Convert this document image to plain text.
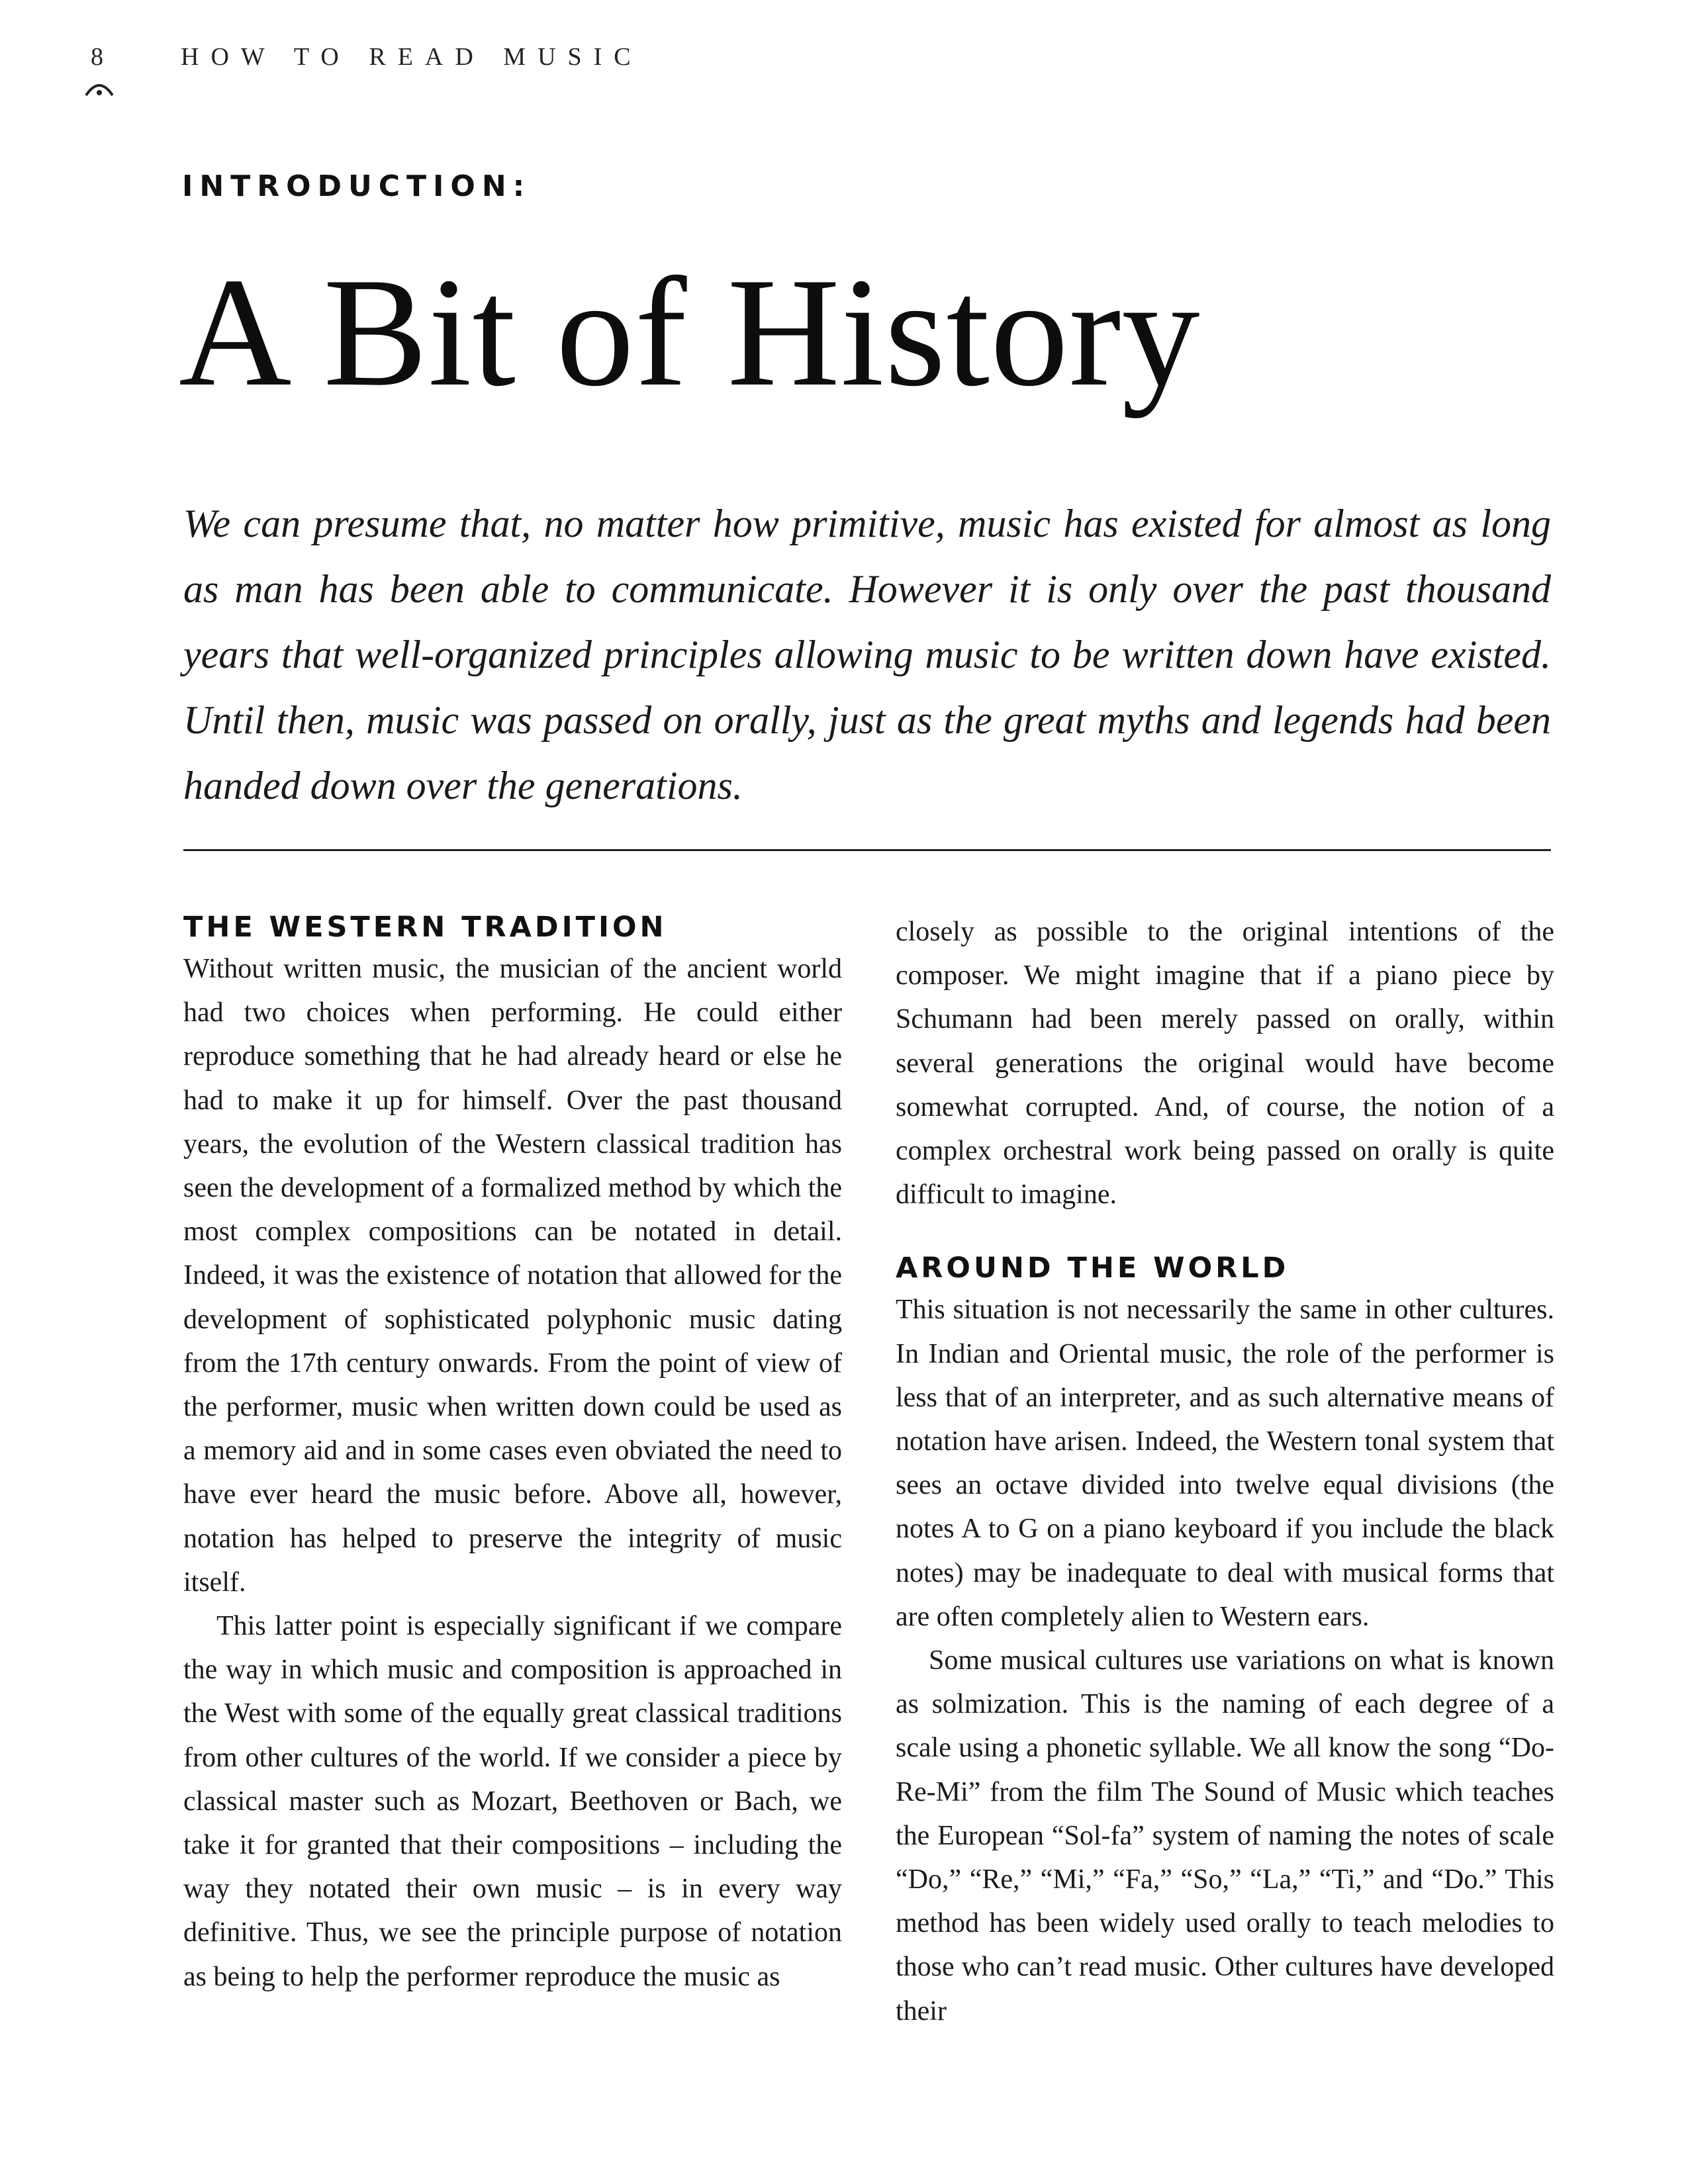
8	HOW TO READ MUSIC
INTRODUCTION:
A Bit of History

We can presume that, no matter how primitive, music has existed for almost as long as man has been able to communicate. However it is only over the past thousand years that well-organized principles allowing music to be written down have existed. Until then, music was passed on orally, just as the great myths and legends had been handed down over the generations.

THE WESTERN TRADITION

Without written music, the musician of the ancient world had two choices when performing. He could either reproduce something that he had already heard or else he had to make it up for himself. Over the past thousand years, the evolution of the Western classical tradition has seen the development of a formalized method by which the most complex compositions can be notated in detail. Indeed, it was the existence of notation that allowed for the development of sophisticated polyphonic music dating from the 17th century onwards. From the point of view of the performer, music when written down could be used as a memory aid and in some cases even obviated the need to have ever heard the music before. Above all, however, notation has helped to preserve the integrity of music itself.

This latter point is especially significant if we compare the way in which music and composition is approached in the West with some of the equally great classical traditions from other cultures of the world. If we consider a piece by classical master such as Mozart, Beethoven or Bach, we take it for granted that their compositions – including the way they notated their own music – is in every way definitive. Thus, we see the principle purpose of notation as being to help the performer reproduce the music as

closely as possible to the original intentions of the composer. We might imagine that if a piano piece by Schumann had been merely passed on orally, within several generations the original would have become somewhat corrupted. And, of course, the notion of a complex orchestral work being passed on orally is quite difficult to imagine.

AROUND THE WORLD

This situation is not necessarily the same in other cultures. In Indian and Oriental music, the role of the performer is less that of an interpreter, and as such alternative means of notation have arisen. Indeed, the Western tonal system that sees an octave divided into twelve equal divisions (the notes A to G on a piano keyboard if you include the black notes) may be inadequate to deal with musical forms that are often completely alien to Western ears.

Some musical cultures use variations on what is known as solmization. This is the naming of each degree of a scale using a phonetic syllable. We all know the song “Do-Re-Mi” from the film The Sound of Music which teaches the European “Sol-fa” system of naming the notes of scale “Do,” “Re,” “Mi,” “Fa,” “So,” “La,” “Ti,” and “Do.” This method has been widely used orally to teach melodies to those who can’t read music. Other cultures have developed their
